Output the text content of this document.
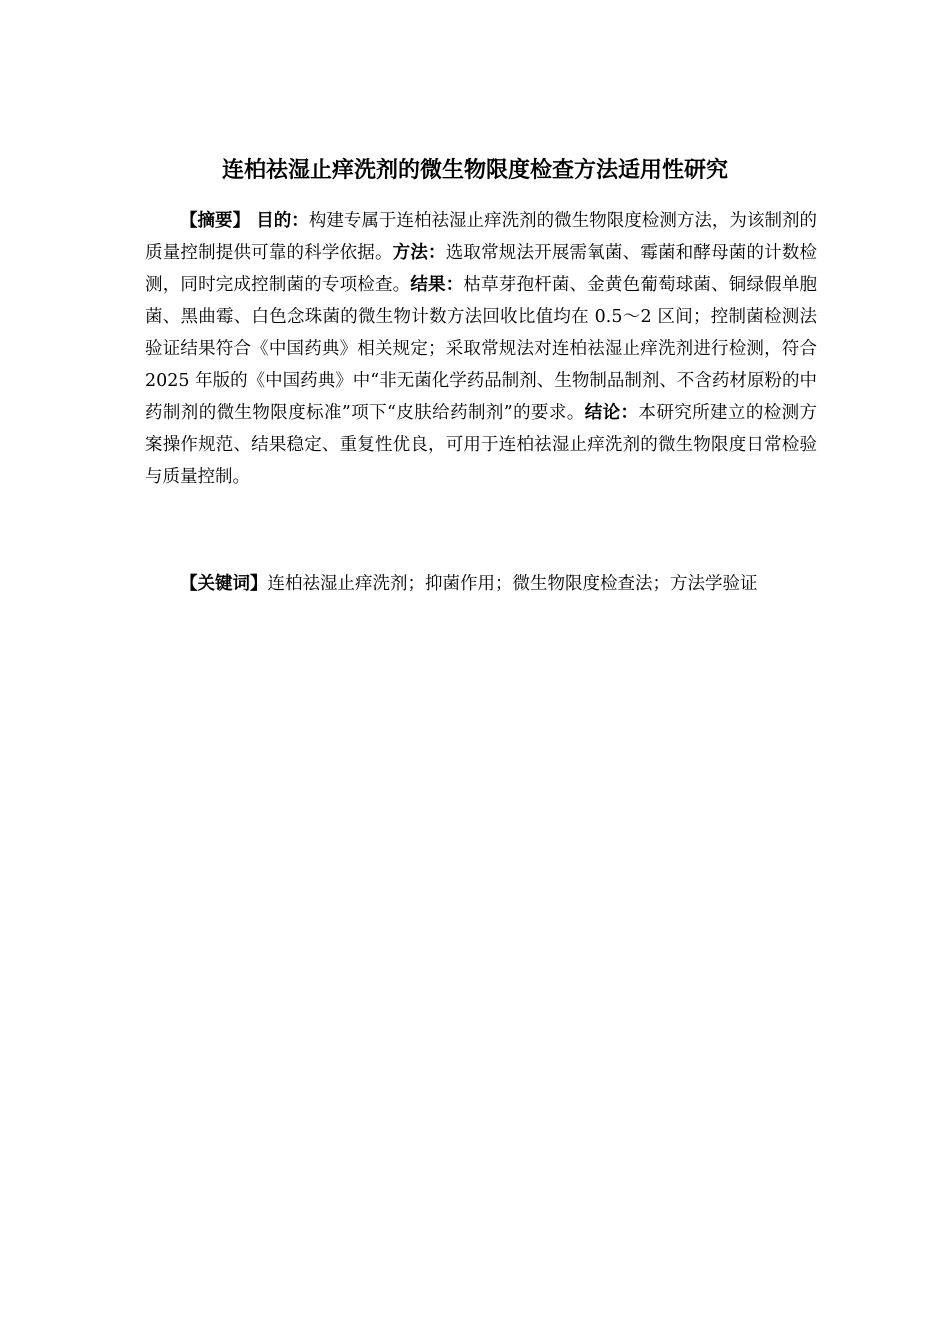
连柏祛湿止痒洗剂的微生物限度检查方法适用性研究

【摘要】 目的：构建专属于连柏祛湿止痒洗剂的微生物限度检测方法，为该制剂的质量控制提供可靠的科学依据。方法：选取常规法开展需氧菌、霉菌和酵母菌的计数检测，同时完成控制菌的专项检查。结果：枯草芽孢杆菌、金黄色葡萄球菌、铜绿假单胞菌、黑曲霉、白色念珠菌的微生物计数方法回收比值均在 0.5～2 区间；控制菌检测法验证结果符合《中国药典》相关规定；采取常规法对连柏祛湿止痒洗剂进行检测，符合 2025 年版的《中国药典》中“非无菌化学药品制剂、生物制品制剂、不含药材原粉的中药制剂的微生物限度标准”项下“皮肤给药制剂”的要求。结论：本研究所建立的检测方案操作规范、结果稳定、重复性优良，可用于连柏祛湿止痒洗剂的微生物限度日常检验与质量控制。

【关键词】连柏祛湿止痒洗剂；抑菌作用；微生物限度检查法；方法学验证
